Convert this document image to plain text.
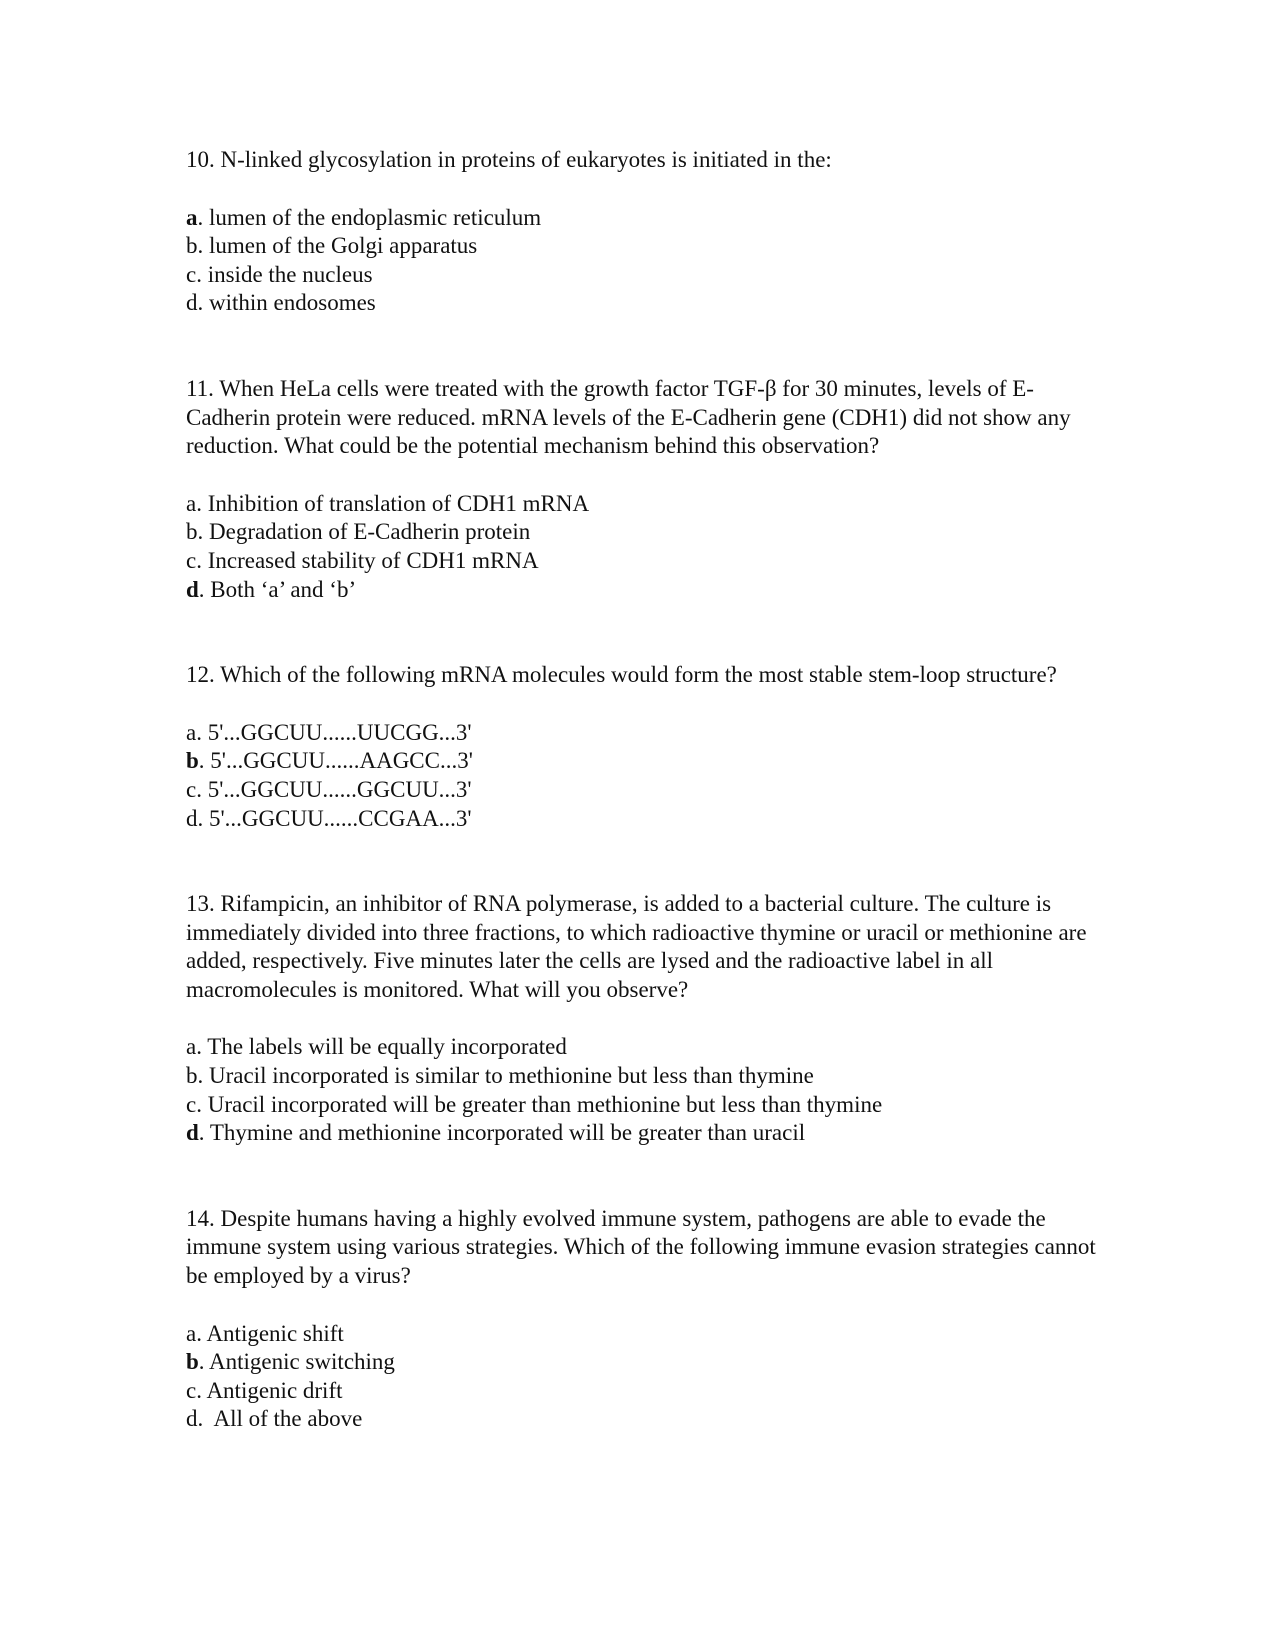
10. N-linked glycosylation in proteins of eukaryotes is initiated in the:

a. lumen of the endoplasmic reticulum
b. lumen of the Golgi apparatus
c. inside the nucleus
d. within endosomes

11. When HeLa cells were treated with the growth factor TGF-β for 30 minutes, levels of E-Cadherin protein were reduced. mRNA levels of the E-Cadherin gene (CDH1) did not show any reduction. What could be the potential mechanism behind this observation?

a. Inhibition of translation of CDH1 mRNA
b. Degradation of E-Cadherin protein
c. Increased stability of CDH1 mRNA
d. Both ‘a’ and ‘b’

12. Which of the following mRNA molecules would form the most stable stem-loop structure?

a. 5'...GGCUU......UUCGG...3'
b. 5'...GGCUU......AAGCC...3'
c. 5'...GGCUU......GGCUU...3'
d. 5'...GGCUU......CCGAA...3'

13. Rifampicin, an inhibitor of RNA polymerase, is added to a bacterial culture. The culture is immediately divided into three fractions, to which radioactive thymine or uracil or methionine are added, respectively. Five minutes later the cells are lysed and the radioactive label in all macromolecules is monitored. What will you observe?

a. The labels will be equally incorporated
b. Uracil incorporated is similar to methionine but less than thymine
c. Uracil incorporated will be greater than methionine but less than thymine
d. Thymine and methionine incorporated will be greater than uracil

14. Despite humans having a highly evolved immune system, pathogens are able to evade the immune system using various strategies. Which of the following immune evasion strategies cannot be employed by a virus?

a. Antigenic shift
b. Antigenic switching
c. Antigenic drift
d.  All of the above
